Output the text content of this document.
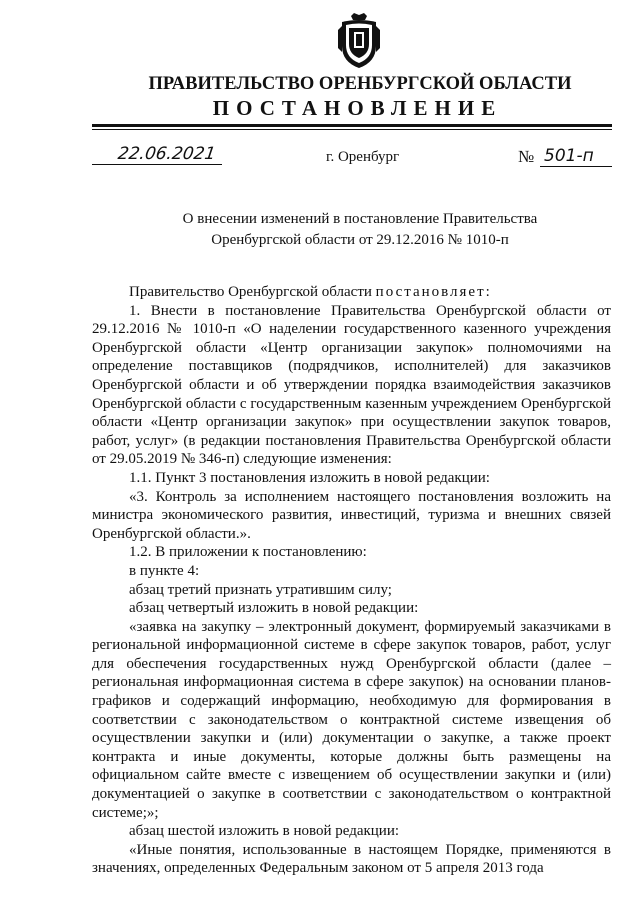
ПРАВИТЕЛЬСТВО ОРЕНБУРГСКОЙ ОБЛАСТИ
ПОСТАНОВЛЕНИЕ
22.06.2021	г. Оренбург	№ 501-п
О внесении изменений в постановление Правительства
Оренбургской области от 29.12.2016 № 1010-п

Правительство Оренбургской области постановляет:

1. Внести в постановление Правительства Оренбургской области от 29.12.2016 № 1010-п «О наделении государственного казенного учреждения Оренбургской области «Центр организации закупок» полномочиями на определение поставщиков (подрядчиков, исполнителей) для заказчиков Оренбургской области и об утверждении порядка взаимодействия заказчиков Оренбургской области с государственным казенным учреждением Оренбургской области «Центр организации закупок» при осуществлении закупок товаров, работ, услуг» (в редакции постановления Правительства Оренбургской области от 29.05.2019 № 346-п) следующие изменения:

1.1. Пункт 3 постановления изложить в новой редакции:

«3. Контроль за исполнением настоящего постановления возложить на министра экономического развития, инвестиций, туризма и внешних связей Оренбургской области.».

1.2. В приложении к постановлению:

в пункте 4:

абзац третий признать утратившим силу;

абзац четвертый изложить в новой редакции:

«заявка на закупку – электронный документ, формируемый заказчиками в региональной информационной системе в сфере закупок товаров, работ, услуг для обеспечения государственных нужд Оренбургской области (далее – региональная информационная система в сфере закупок) на основании планов-графиков и содержащий информацию, необходимую для формирования в соответствии с законодательством о контрактной системе извещения об осуществлении закупки и (или) документации о закупке, а также проект контракта и иные документы, которые должны быть размещены на официальном сайте вместе с извещением об осуществлении закупки и (или) документацией о закупке в соответствии с законодательством о контрактной системе;»;

абзац шестой изложить в новой редакции:

«Иные понятия, использованные в настоящем Порядке, применяются в значениях, определенных Федеральным законом от 5 апреля 2013 года
